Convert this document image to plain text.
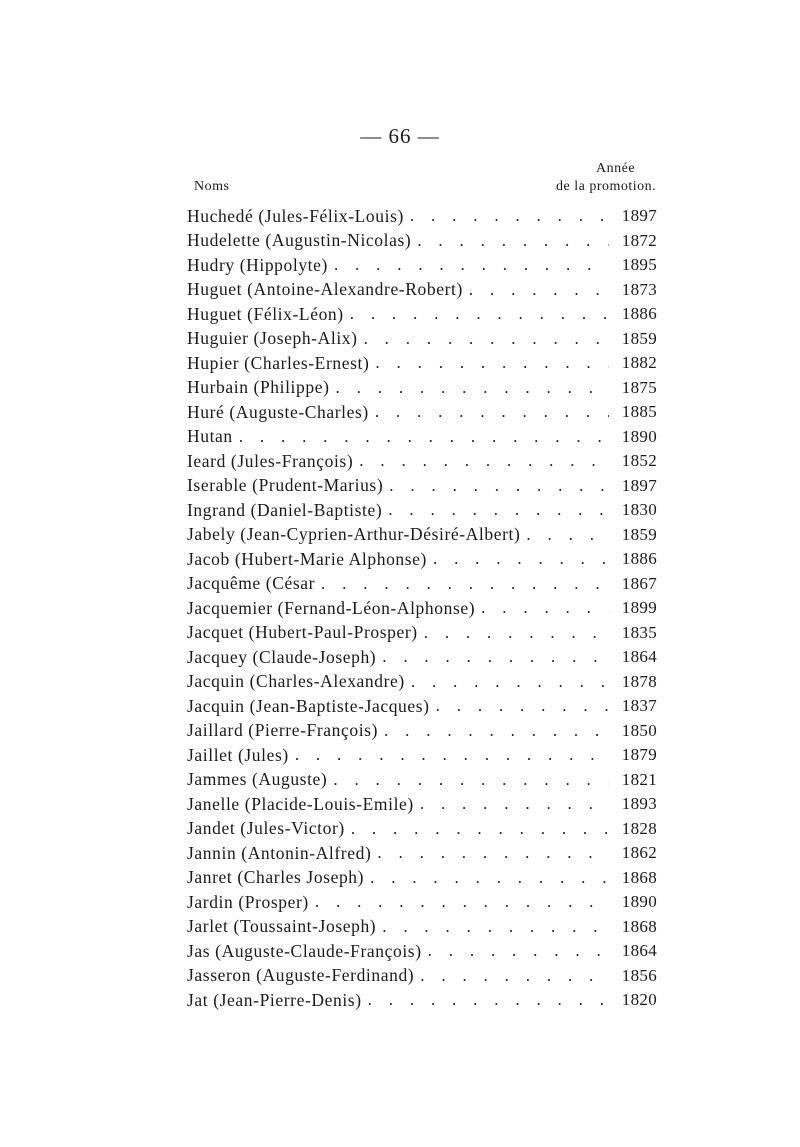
— 66 —
Année
Noms	de la promotion.
Huchedé (Jules-Félix-Louis) . . .	1897
Hudelette (Augustin-Nicolas) . . .	1872
Hudry (Hippolyte) . . .	1895
Huguet (Antoine-Alexandre-Robert) . . .	1873
Huguet (Félix-Léon) . . .	1886
Huguier (Joseph-Alix) . . .	1859
Hupier (Charles-Ernest) . . .	1882
Hurbain (Philippe) . . .	1875
Huré (Auguste-Charles) . . .	1885
Hutan . . .	1890
Ieard (Jules-François) . . .	1852
Iserable (Prudent-Marius) . . .	1897
Ingrand (Daniel-Baptiste) . . .	1830
Jabely (Jean-Cyprien-Arthur-Désiré-Albert) . . .	1859
Jacob (Hubert-Marie Alphonse) . . .	1886
Jacquême (César . . .	1867
Jacquemier (Fernand-Léon-Alphonse) . . .	1899
Jacquet (Hubert-Paul-Prosper) . . .	1835
Jacquey (Claude-Joseph) . . .	1864
Jacquin (Charles-Alexandre) . . .	1878
Jacquin (Jean-Baptiste-Jacques) . . .	1837
Jaillard (Pierre-François) . . .	1850
Jaillet (Jules) . . .	1879
Jammes (Auguste) . . .	1821
Janelle (Placide-Louis-Emile) . . .	1893
Jandet (Jules-Victor) . . .	1828
Jannin (Antonin-Alfred) . . .	1862
Janret (Charles Joseph) . . .	1868
Jardin (Prosper) . . .	1890
Jarlet (Toussaint-Joseph) . . .	1868
Jas (Auguste-Claude-François) . . .	1864
Jasseron (Auguste-Ferdinand) . . .	1856
Jat (Jean-Pierre-Denis) . . .	1820
